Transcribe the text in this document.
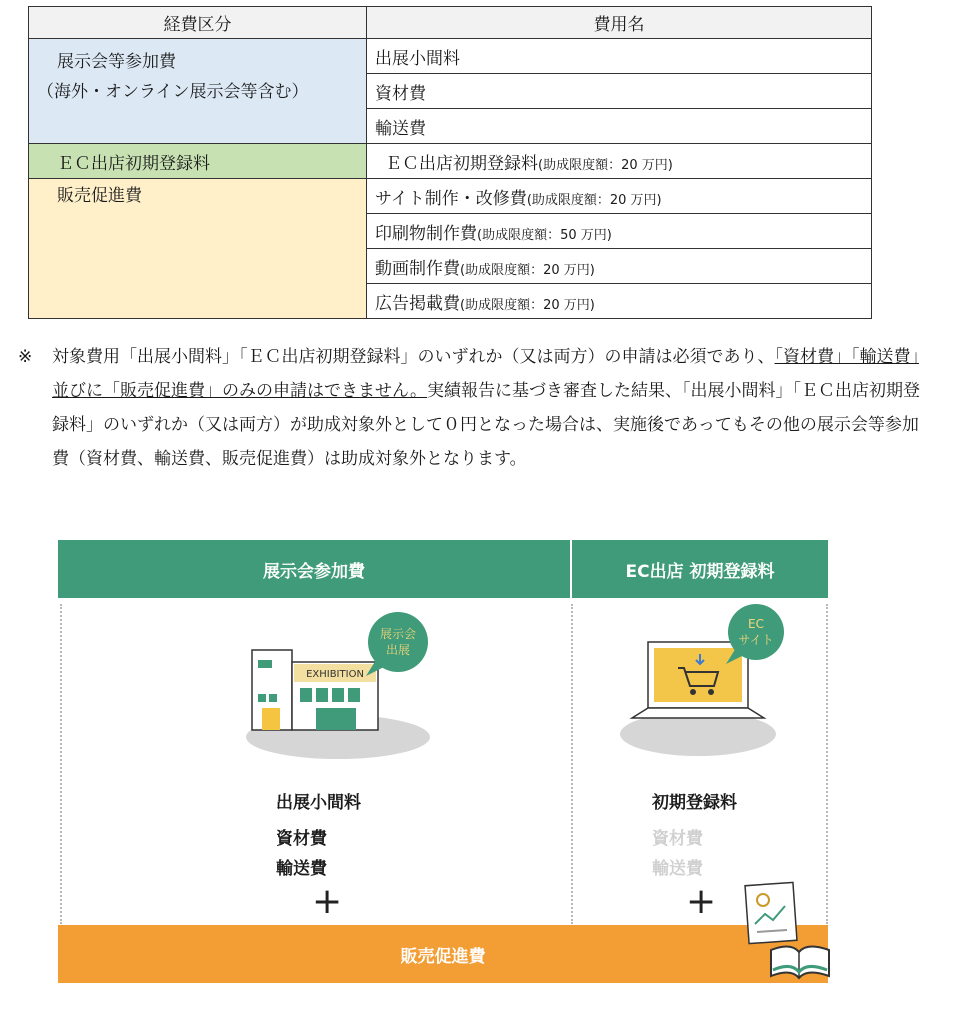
経費区分	費用名

展示会等参加費
（海外・オンライン展示会等含む）	出展小間料
	資材費
	輸送費
ＥＣ出店初期登録料	ＥＣ出店初期登録料(助成限度額：20 万円)

販売促進費	サイト制作・改修費(助成限度額：20 万円)
	印刷物制作費(助成限度額：50 万円)
	動画制作費(助成限度額：20 万円)
	広告掲載費(助成限度額：20 万円)
※ 対象費用「出展小間料」「ＥＣ出店初期登録料」のいずれか（又は両方）の申請は必須であり、「資材費」「輸送費」並びに「販売促進費」のみの申請はできません。実績報告に基づき審査した結果、「出展小間料」「ＥＣ出店初期登録料」のいずれか（又は両方）が助成対象外として０円となった場合は、実施後であってもその他の展示会等参加費（資材費、輸送費、販売促進費）は助成対象外となります。
展示会参加費	EC出店 初期登録料
EXHIBITION
展示会
出展
EC
サイト
出展小間料
資材費
輸送費
+
初期登録料
資材費
輸送費
+
販売促進費
